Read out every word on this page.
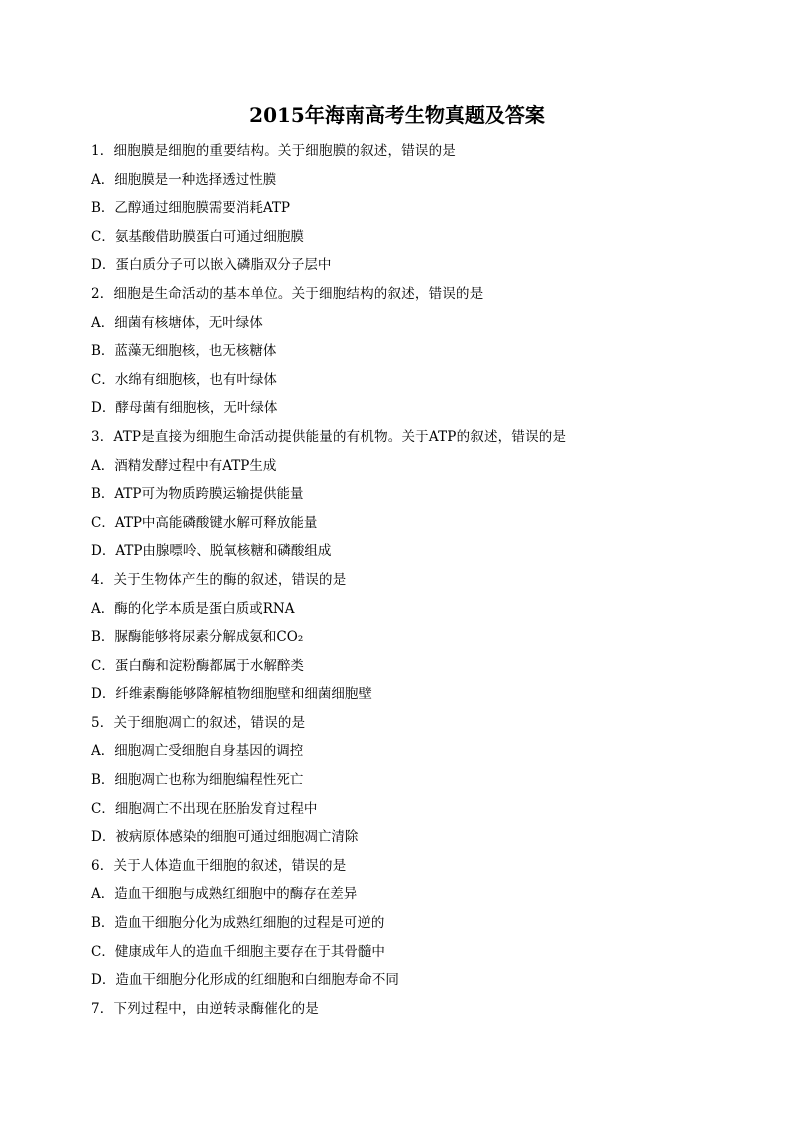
2015年海南高考生物真题及答案
1．细胞膜是细胞的重要结构。关于细胞膜的叙述，错误的是
A．细胞膜是一种选择透过性膜
B．乙醇通过细胞膜需要消耗ATP
C．氨基酸借助膜蛋白可通过细胞膜
D．蛋白质分子可以嵌入磷脂双分子层中
2．细胞是生命活动的基本单位。关于细胞结构的叙述，错误的是
A．细菌有核塘体，无叶绿体
B．蓝藻无细胞核，也无核糖体
C．水绵有细胞核，也有叶绿体
D．酵母菌有细胞核，无叶绿体
3．ATP是直接为细胞生命活动提供能量的有机物。关于ATP的叙述，错误的是
A．酒精发酵过程中有ATP生成
B．ATP可为物质跨膜运输提供能量
C．ATP中高能磷酸键水解可释放能量
D．ATP由腺嘌呤、脱氧核糖和磷酸组成
4．关于生物体产生的酶的叙述，错误的是
A．酶的化学本质是蛋白质或RNA
B．脲酶能够将尿素分解成氨和CO₂
C．蛋白酶和淀粉酶都属于水解醉类
D．纤维素酶能够降解植物细胞壁和细菌细胞壁
5．关于细胞凋亡的叙述，错误的是
A．细胞凋亡受细胞自身基因的调控
B．细胞凋亡也称为细胞编程性死亡
C．细胞凋亡不出现在胚胎发育过程中
D．被病原体感染的细胞可通过细胞凋亡清除
6．关于人体造血干细胞的叙述，错误的是
A．造血干细胞与成熟红细胞中的酶存在差异
B．造血干细胞分化为成熟红细胞的过程是可逆的
C．健康成年人的造血千细胞主要存在于其骨髓中
D．造血干细胞分化形成的红细胞和白细胞寿命不同
7．下列过程中，由逆转录酶催化的是
